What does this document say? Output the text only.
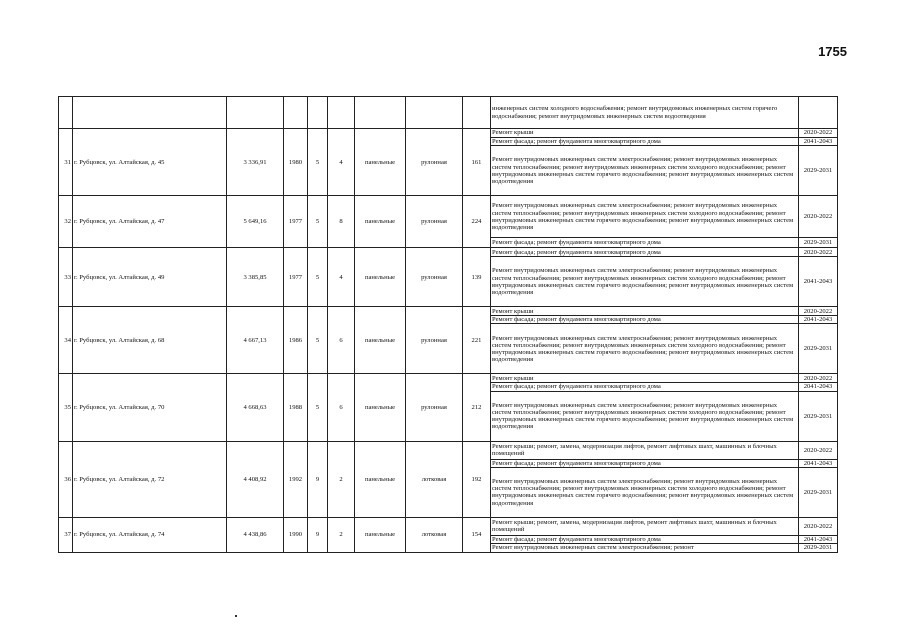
1755
									инженерных систем холодного водоснабжения; ремонт внутридомовых инженерных систем горячего водоснабжения; ремонт внутридомовых инженерных систем водоотведения	
31	г. Рубцовск, ул. Алтайская, д. 45	3 336,91	1980	5	4	панельные	рулонная	161	Ремонт крыши	2020-2022
									Ремонт фасада; ремонт фундамента многоквартирного дома	2041-2043
									Ремонт внутридомовых инженерных систем электроснабжения; ремонт внутридомовых инженерных систем теплоснабжения; ремонт внутридомовых инженерных систем холодного водоснабжения; ремонт внутридомовых инженерных систем горячего водоснабжения; ремонт внутридомовых инженерных систем водоотведения	2029-2031
32	г. Рубцовск, ул. Алтайская, д. 47	5 649,16	1977	5	8	панельные	рулонная	224	Ремонт внутридомовых инженерных систем электроснабжения; ремонт внутридомовых инженерных систем теплоснабжения; ремонт внутридомовых инженерных систем холодного водоснабжения; ремонт внутридомовых инженерных систем горячего водоснабжения; ремонт внутридомовых инженерных систем водоотведения	2020-2022
									Ремонт фасада; ремонт фундамента многоквартирного дома	2029-2031
33	г. Рубцовск, ул. Алтайская, д. 49	3 385,85	1977	5	4	панельные	рулонная	139	Ремонт фасада; ремонт фундамента многоквартирного дома	2020-2022
									Ремонт внутридомовых инженерных систем электроснабжения; ремонт внутридомовых инженерных систем теплоснабжения; ремонт внутридомовых инженерных систем холодного водоснабжения; ремонт внутридомовых инженерных систем горячего водоснабжения; ремонт внутридомовых инженерных систем водоотведения	2041-2043
34	г. Рубцовск, ул. Алтайская, д. 68	4 667,13	1986	5	6	панельные	рулонная	221	Ремонт крыши	2020-2022
									Ремонт фасада; ремонт фундамента многоквартирного дома	2041-2043
									Ремонт внутридомовых инженерных систем электроснабжения; ремонт внутридомовых инженерных систем теплоснабжения; ремонт внутридомовых инженерных систем холодного водоснабжения; ремонт внутридомовых инженерных систем горячего водоснабжения; ремонт внутридомовых инженерных систем водоотведения	2029-2031
35	г. Рубцовск, ул. Алтайская, д. 70	4 668,63	1988	5	6	панельные	рулонная	212	Ремонт крыши	2020-2022
									Ремонт фасада; ремонт фундамента многоквартирного дома	2041-2043
									Ремонт внутридомовых инженерных систем электроснабжения; ремонт внутридомовых инженерных систем теплоснабжения; ремонт внутридомовых инженерных систем холодного водоснабжения; ремонт внутридомовых инженерных систем горячего водоснабжения; ремонт внутридомовых инженерных систем водоотведения	2029-2031
36	г. Рубцовск, ул. Алтайская, д. 72	4 408,92	1992	9	2	панельные	лотковая	192	Ремонт крыши; ремонт, замена, модернизация лифтов, ремонт лифтовых шахт, машинных и блочных помещений	2020-2022
									Ремонт фасада; ремонт фундамента многоквартирного дома	2041-2043
									Ремонт внутридомовых инженерных систем электроснабжения; ремонт внутридомовых инженерных систем теплоснабжения; ремонт внутридомовых инженерных систем холодного водоснабжения; ремонт внутридомовых инженерных систем горячего водоснабжения; ремонт внутридомовых инженерных систем водоотведения	2029-2031
37	г. Рубцовск, ул. Алтайская, д. 74	4 438,86	1990	9	2	панельные	лотковая	154	Ремонт крыши; ремонт, замена, модернизация лифтов, ремонт лифтовых шахт, машинных и блочных помещений	2020-2022
									Ремонт фасада; ремонт фундамента многоквартирного дома	2041-2043
									Ремонт внутридомовых инженерных систем электроснабжения; ремонт	2029-2031
